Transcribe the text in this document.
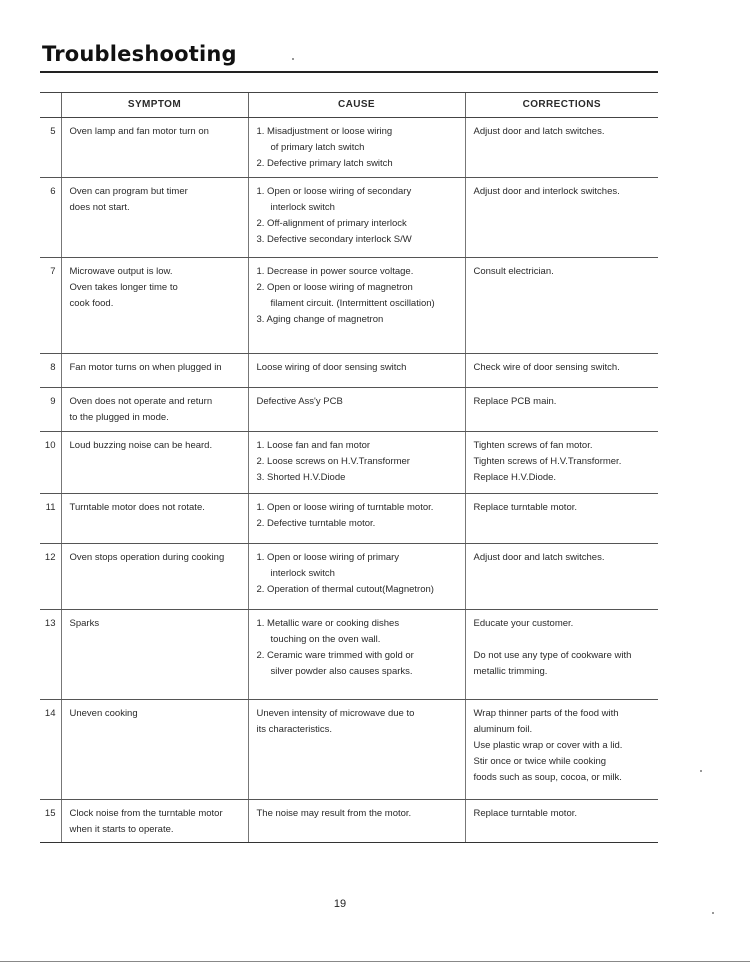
Troubleshooting
	SYMPTOM	CAUSE	CORRECTIONS
5	Oven lamp and fan motor turn on	1. Misadjustment or loose wiring
of primary latch switch
2. Defective primary latch switch	Adjust door and latch switches.

6	Oven can program but timer
does not start.	1. Open or loose wiring of secondary
interlock switch
2. Off-alignment of primary interlock
3. Defective secondary interlock S/W	Adjust door and interlock switches.

7	Microwave output is low.
Oven takes longer time to
cook food.	1. Decrease in power source voltage.
2. Open or loose wiring of magnetron
filament circuit. (Intermittent oscillation)
3. Aging change of magnetron	Consult electrician.

8	Fan motor turns on when plugged in	Loose wiring of door sensing switch	Check wire of door sensing switch.

9	Oven does not operate and return
to the plugged in mode.	Defective Ass'y PCB	Replace PCB main.

10	Loud buzzing noise can be heard.	1. Loose fan and fan motor
2. Loose screws on H.V.Transformer
3. Shorted H.V.Diode	Tighten screws of fan motor.
Tighten screws of H.V.Transformer.
Replace H.V.Diode.

11	Turntable motor does not rotate.	1. Open or loose wiring of turntable motor.
2. Defective turntable motor.	Replace turntable motor.

12	Oven stops operation during cooking	1. Open or loose wiring of primary
interlock switch
2. Operation of thermal cutout(Magnetron)	Adjust door and latch switches.

13	Sparks	1. Metallic ware or cooking dishes
touching on the oven wall.
2. Ceramic ware trimmed with gold or
silver powder also causes sparks.	Educate your customer.

Do not use any type of cookware with
metallic trimming.

14	Uneven cooking	Uneven intensity of microwave due to
its characteristics.	Wrap thinner parts of the food with
aluminum foil.
Use plastic wrap or cover with a lid.
Stir once or twice while cooking
foods such as soup, cocoa, or milk.

15	Clock noise from the turntable motor
when it starts to operate.	The noise may result from the motor.	Replace turntable motor.
19
